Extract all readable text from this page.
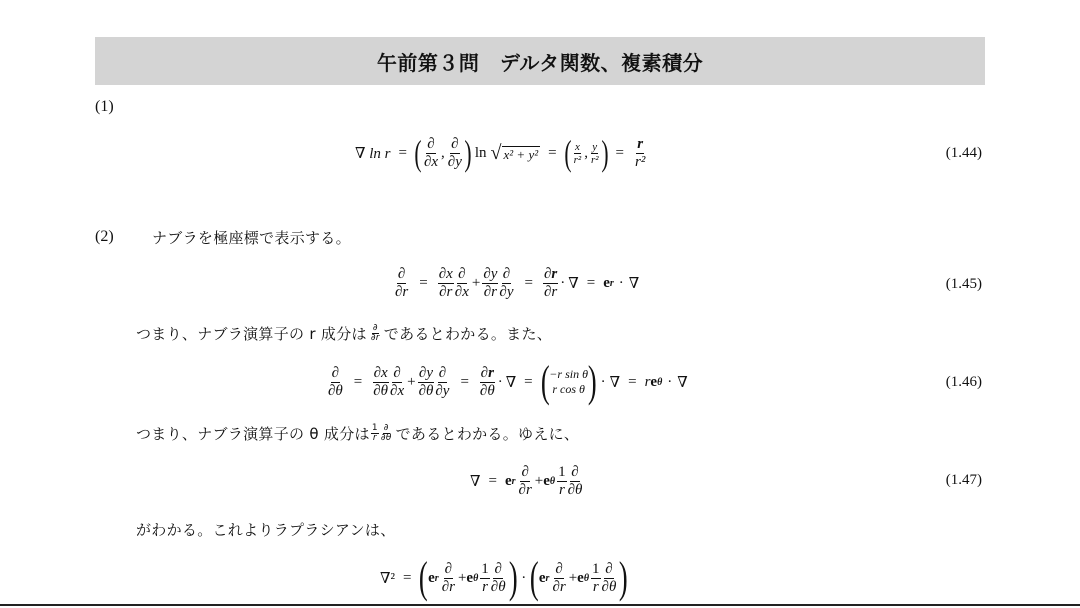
午前第３問　デルタ関数、複素積分
(1)
∇ ln r = ( $\frac{\partial}{\partial x}$ , $\frac{\partial}{\partial y}$ ) ln √ x² + y² = ( $\frac{x}{\text{r²}}$ , $\frac{y}{\text{r²}}$ ) = $\frac{r}{\text{r²}}$	(1.44)
(2)	ナブラを極座標で表示する。
$\frac{\partial}{\partial r} = \frac{\partial x}{\partial r} \frac{\partial}{\partial x} + \frac{\partial y}{\partial r} \frac{\partial}{\partial y} = \frac{\partial r}{\partial r}$ · ∇ = e r · ∇	(1.45)
つまり、ナブラ演算子の r 成分は $\frac{\partial}{\partial r}$ であるとわかる。また、
$\frac{\partial}{\partial\theta} = \frac{\partial x}{\partial\theta} \frac{\partial}{\partial x} + \frac{\partial y}{\partial\theta} \frac{\partial}{\partial y} = \frac{\partial r}{\partial\theta}$ · ∇ = ( −r sin θ
r cos θ ) · ∇ = r e θ · ∇	(1.46)
つまり、ナブラ演算子の θ 成分は $\frac{1}{r} \frac{\partial}{\partial\theta}$ であるとわかる。ゆえに、
∇ = e r $\frac{\partial}{\partial r} + e$ θ $\frac{1}{r} \frac{\partial}{\partial\theta}$	(1.47)
がわかる。これよりラプラシアンは、
∇² = ( e r $\frac{\partial}{\partial r} + e$ θ $\frac{1}{r} \frac{\partial}{\partial\theta}$ ) · ( e r $\frac{\partial}{\partial r} + e$ θ $\frac{1}{r} \frac{\partial}{\partial\theta}$ )
